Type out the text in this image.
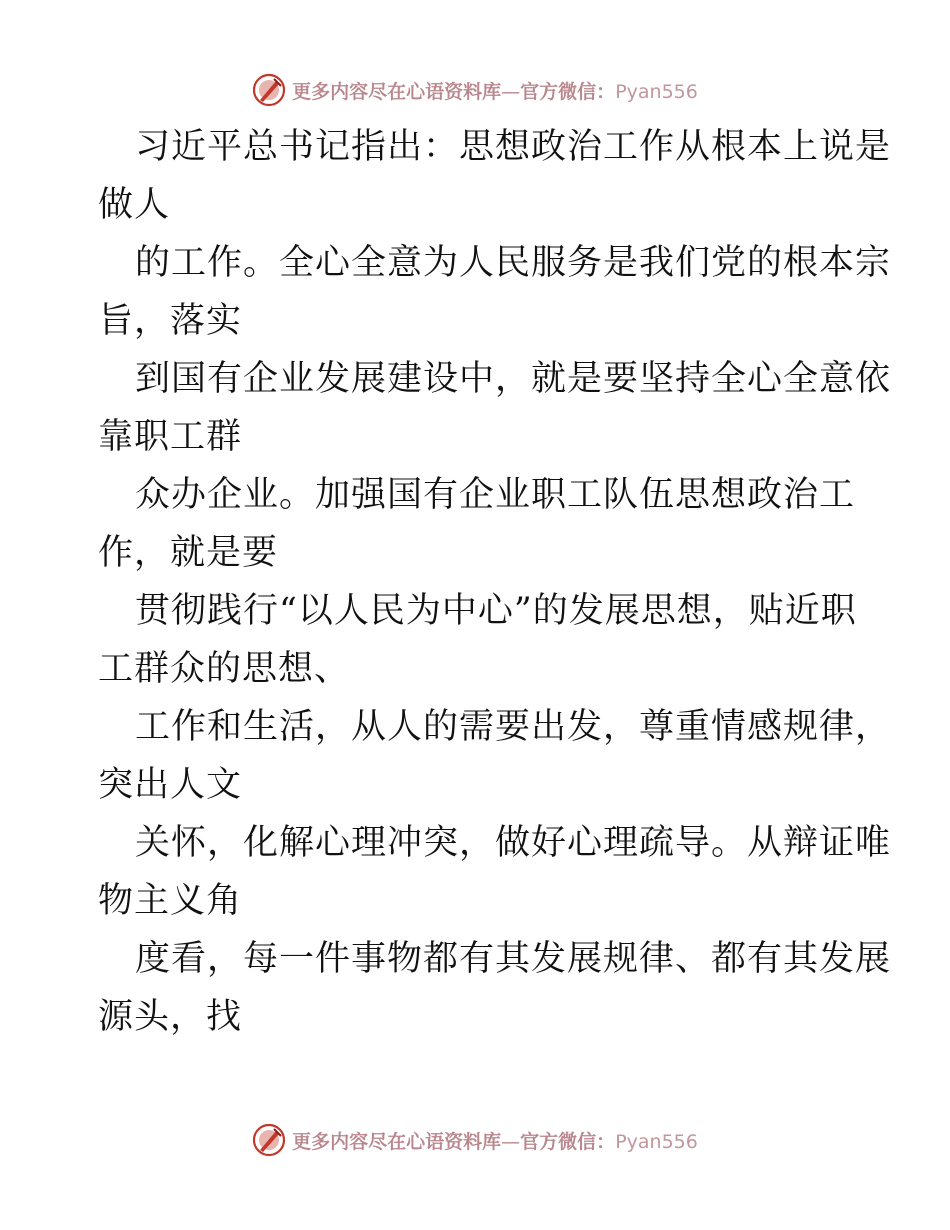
更多内容尽在心语资料库—官方微信：Pyan556
习近平总书记指出：思想政治工作从根本上说是
做人
的工作。全心全意为人民服务是我们党的根本宗
旨，落实
到国有企业发展建设中，就是要坚持全心全意依
靠职工群
众办企业。加强国有企业职工队伍思想政治工
作，就是要
贯彻践行“以人民为中心”的发展思想，贴近职
工群众的思想、
工作和生活，从人的需要出发，尊重情感规律，
突出人文
关怀，化解心理冲突，做好心理疏导。从辩证唯
物主义角
度看，每一件事物都有其发展规律、都有其发展
源头，找
更多内容尽在心语资料库—官方微信：Pyan556
